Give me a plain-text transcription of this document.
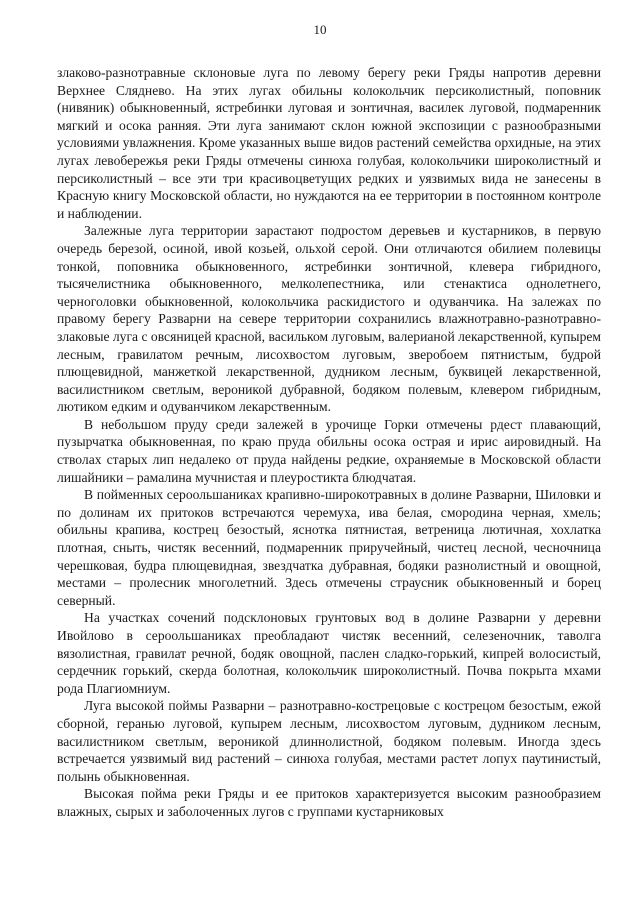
10

злаково-разнотравные склоновые луга по левому берегу реки Гряды напротив деревни Верхнее Сляднево. На этих лугах обильны колокольчик персиколистный, поповник (нивяник) обыкновенный, ястребинки луговая и зонтичная, василек луговой, подмаренник мягкий и осока ранняя. Эти луга занимают склон южной экспозиции с разнообразными условиями увлажнения. Кроме указанных выше видов растений семейства орхидные, на этих лугах левобережья реки Гряды отмечены синюха голубая, колокольчики широколистный и персиколистный – все эти три красивоцветущих редких и уязвимых вида не занесены в Красную книгу Московской области, но нуждаются на ее территории в постоянном контроле и наблюдении.

Залежные луга территории зарастают подростом деревьев и кустарников, в первую очередь березой, осиной, ивой козьей, ольхой серой. Они отличаются обилием полевицы тонкой, поповника обыкновенного, ястребинки зонтичной, клевера гибридного, тысячелистника обыкновенного, мелколепестника, или стенактиса однолетнего, черноголовки обыкновенной, колокольчика раскидистого и одуванчика. На залежах по правому берегу Разварни на севере территории сохранились влажнотравно-разнотравно-злаковые луга с овсяницей красной, васильком луговым, валерианой лекарственной, купырем лесным, гравилатом речным, лисохвостом луговым, зверобоем пятнистым, будрой плющевидной, манжеткой лекарственной, дудником лесным, буквицей лекарственной, василистником светлым, вероникой дубравной, бодяком полевым, клевером гибридным, лютиком едким и одуванчиком лекарственным.

В небольшом пруду среди залежей в урочище Горки отмечены рдест плавающий, пузырчатка обыкновенная, по краю пруда обильны осока острая и ирис аировидный. На стволах старых лип недалеко от пруда найдены редкие, охраняемые в Московской области лишайники – рамалина мучнистая и плеуростикта блюдчатая.

В пойменных сероольшаниках крапивно-широкотравных в долине Разварни, Шиловки и по долинам их притоков встречаются черемуха, ива белая, смородина черная, хмель; обильны крапива, кострец безостый, яснотка пятнистая, ветреница лютичная, хохлатка плотная, сныть, чистяк весенний, подмаренник приручейный, чистец лесной, чесночница черешковая, будра плющевидная, звездчатка дубравная, бодяки разнолистный и овощной, местами – пролесник многолетний. Здесь отмечены страусник обыкновенный и борец северный.

На участках сочений подсклоновых грунтовых вод в долине Разварни у деревни Ивойлово в сероольшаниках преобладают чистяк весенний, селезеночник, таволга вязолистная, гравилат речной, бодяк овощной, паслен сладко-горький, кипрей волосистый, сердечник горький, скерда болотная, колокольчик широколистный. Почва покрыта мхами рода Плагиомниум.

Луга высокой поймы Разварни – разнотравно-кострецовые с кострецом безостым, ежой сборной, геранью луговой, купырем лесным, лисохвостом луговым, дудником лесным, василистником светлым, вероникой длиннолистной, бодяком полевым. Иногда здесь встречается уязвимый вид растений – синюха голубая, местами растет лопух паутинистый, полынь обыкновенная.

Высокая пойма реки Гряды и ее притоков характеризуется высоким разнообразием влажных, сырых и заболоченных лугов с группами кустарниковых
